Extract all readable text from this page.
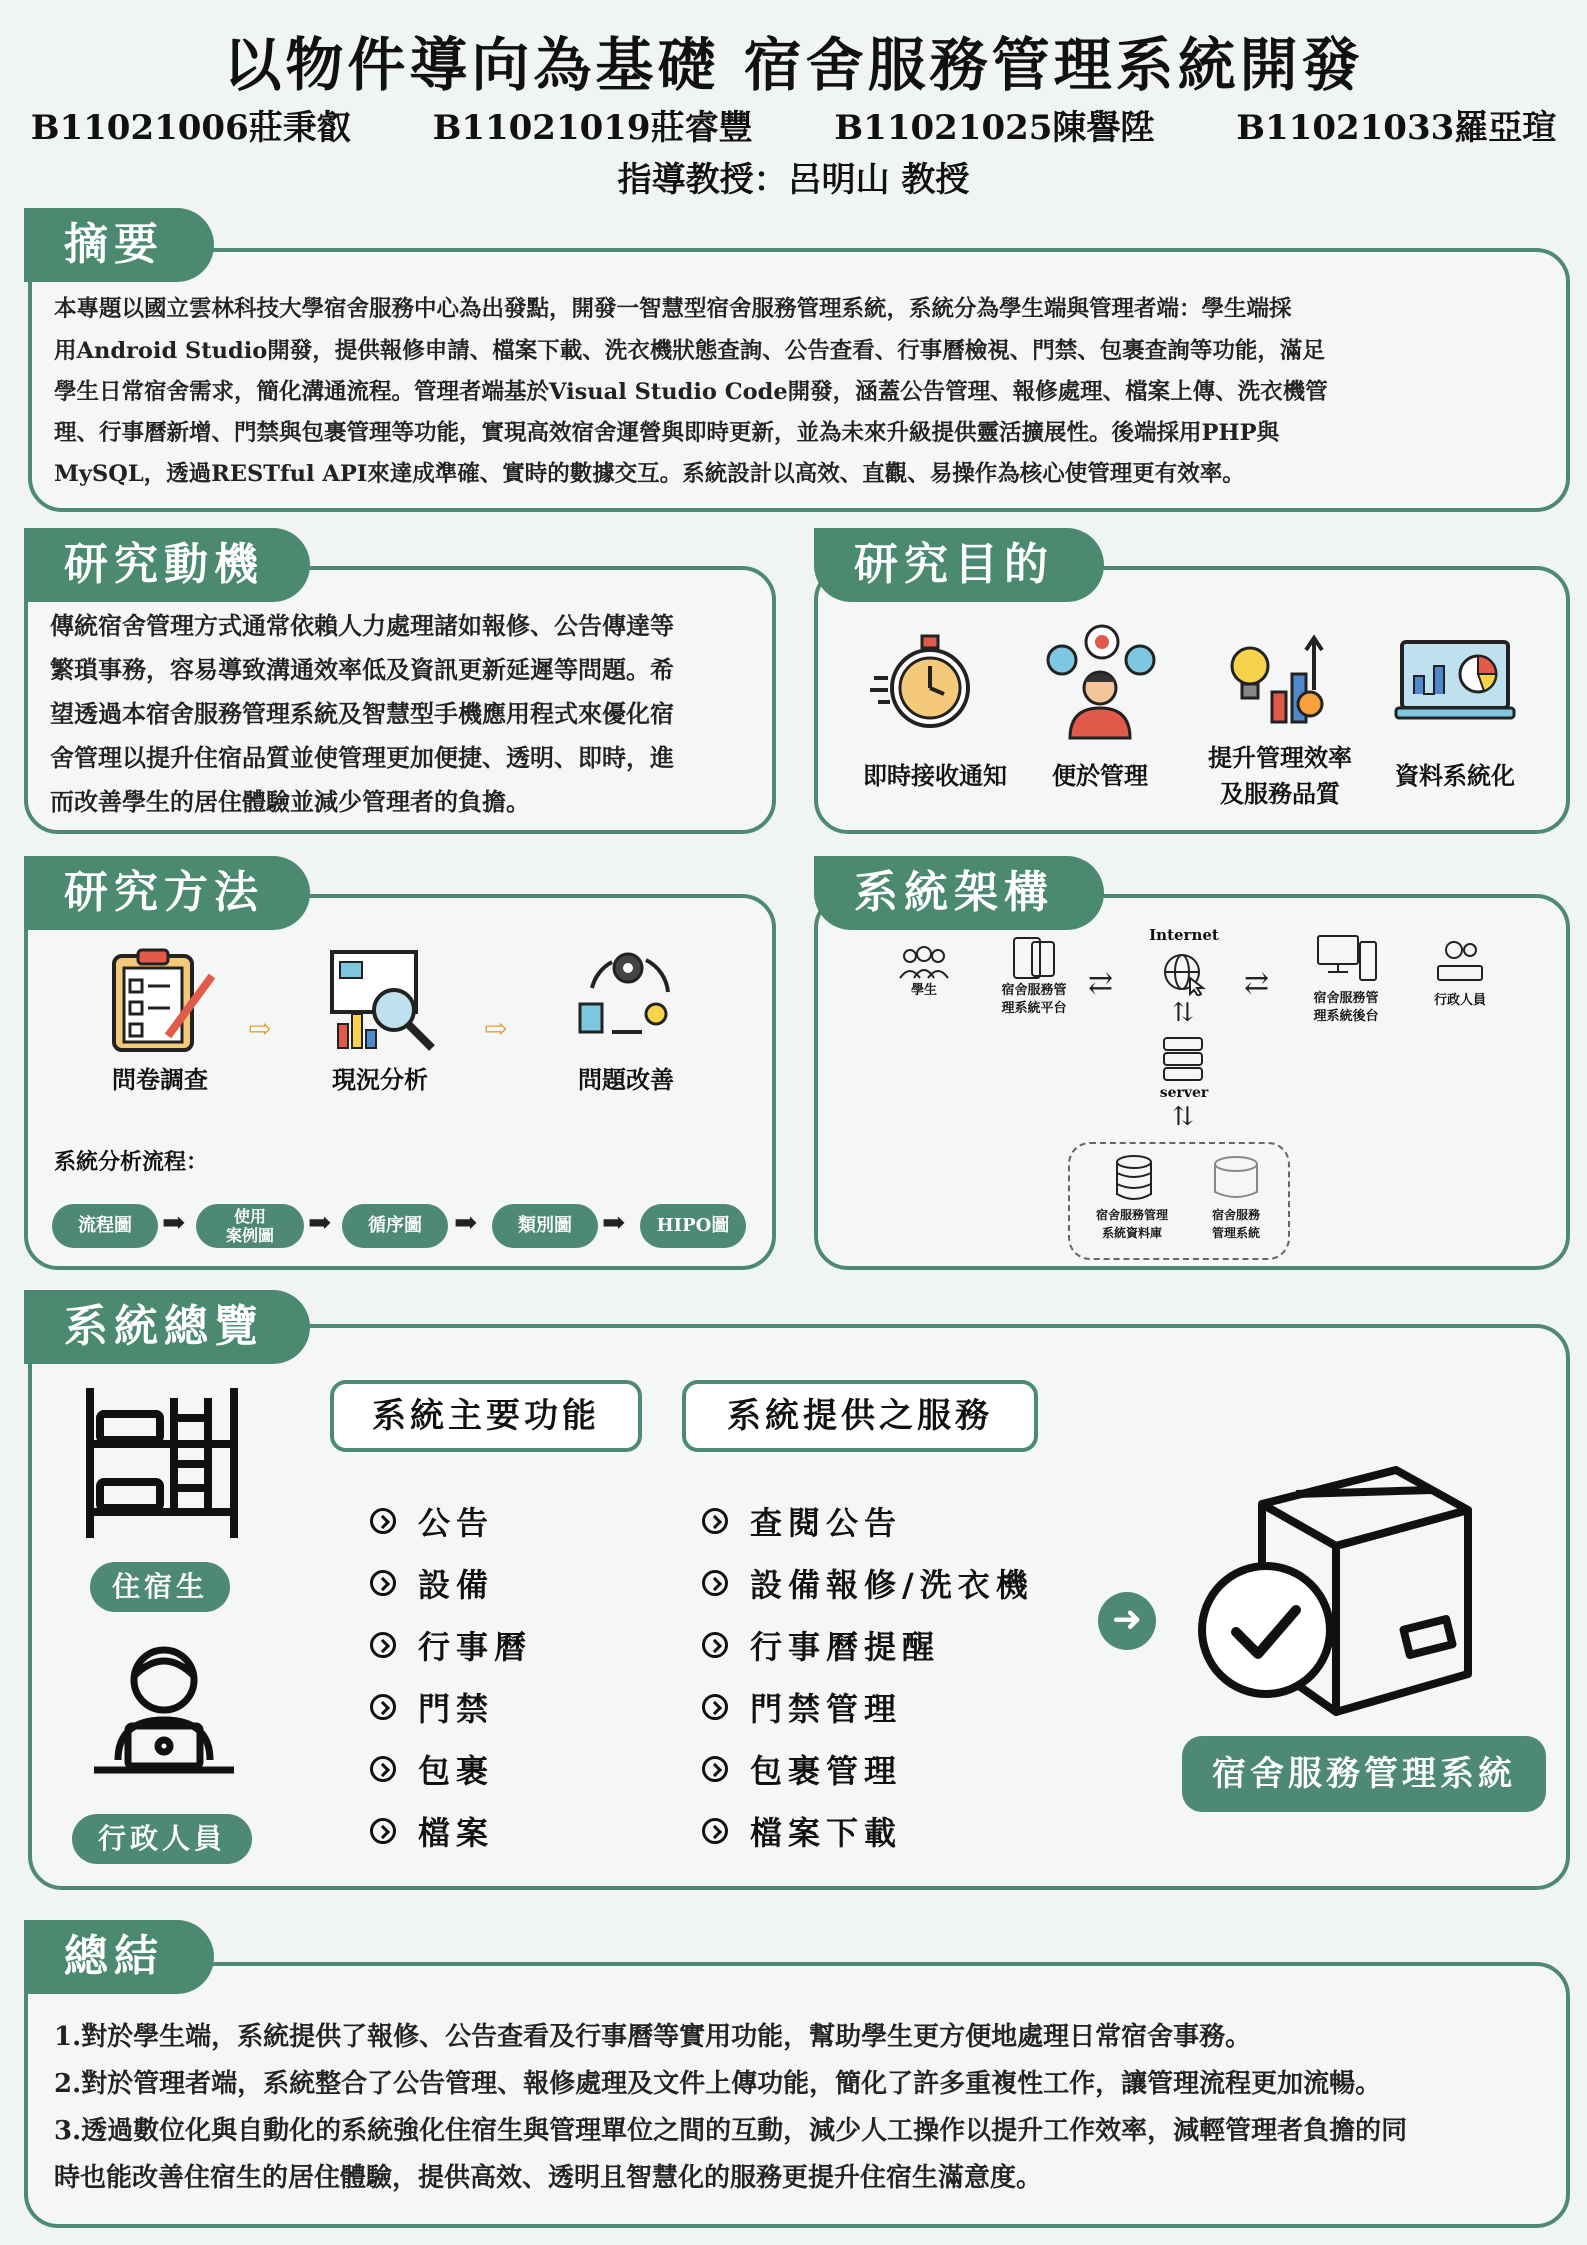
以物件導向為基礎 宿舍服務管理系統開發
B11021006莊秉叡 B11021019莊睿豐 B11021025陳譽陞 B11021033羅亞瑄
指導教授：呂明山 教授
摘要
本專題以國立雲林科技大學宿舍服務中心為出發點，開發一智慧型宿舍服務管理系統，系統分為學生端與管理者端：學生端採
用Android Studio開發，提供報修申請、檔案下載、洗衣機狀態查詢、公告查看、行事曆檢視、門禁、包裹查詢等功能，滿足
學生日常宿舍需求，簡化溝通流程。管理者端基於Visual Studio Code開發，涵蓋公告管理、報修處理、檔案上傳、洗衣機管
理、行事曆新增、門禁與包裹管理等功能，實現高效宿舍運營與即時更新，並為未來升級提供靈活擴展性。後端採用PHP與
MySQL，透過RESTful API來達成準確、實時的數據交互。系統設計以高效、直觀、易操作為核心使管理更有效率。
研究動機
傳統宿舍管理方式通常依賴人力處理諸如報修、公告傳達等
繁瑣事務，容易導致溝通效率低及資訊更新延遲等問題。希
望透過本宿舍服務管理系統及智慧型手機應用程式來優化宿
舍管理以提升住宿品質並使管理更加便捷、透明、即時，進
而改善學生的居住體驗並減少管理者的負擔。
研究目的
即時接收通知	便於管理
提升管理效率
及服務品質
資料系統化
研究方法
問卷調查
⇨
現況分析
⇨
問題改善
系統分析流程：
流程圖	➡	使用
案例圖	➡	循序圖	➡	類別圖	➡	HIPO圖
系統架構
學生	宿舍服務管
理系統平台
⇄
Internet
⇅
server
⇅
⇄	宿舍服務管
理系統後台
行政人員
宿舍服務管理
系統資料庫
宿舍服務
管理系統
系統總覽
住宿生
行政人員
系統主要功能	系統提供之服務
公告
設備
行事曆
門禁
包裹
檔案
查閱公告
設備報修/洗衣機
行事曆提醒
門禁管理
包裹管理
檔案下載
➜
宿舍服務管理系統
總結
1.對於學生端，系統提供了報修、公告查看及行事曆等實用功能，幫助學生更方便地處理日常宿舍事務。
2.對於管理者端，系統整合了公告管理、報修處理及文件上傳功能，簡化了許多重複性工作，讓管理流程更加流暢。
3.透過數位化與自動化的系統強化住宿生與管理單位之間的互動，減少人工操作以提升工作效率，減輕管理者負擔的同
時也能改善住宿生的居住體驗，提供高效、透明且智慧化的服務更提升住宿生滿意度。
